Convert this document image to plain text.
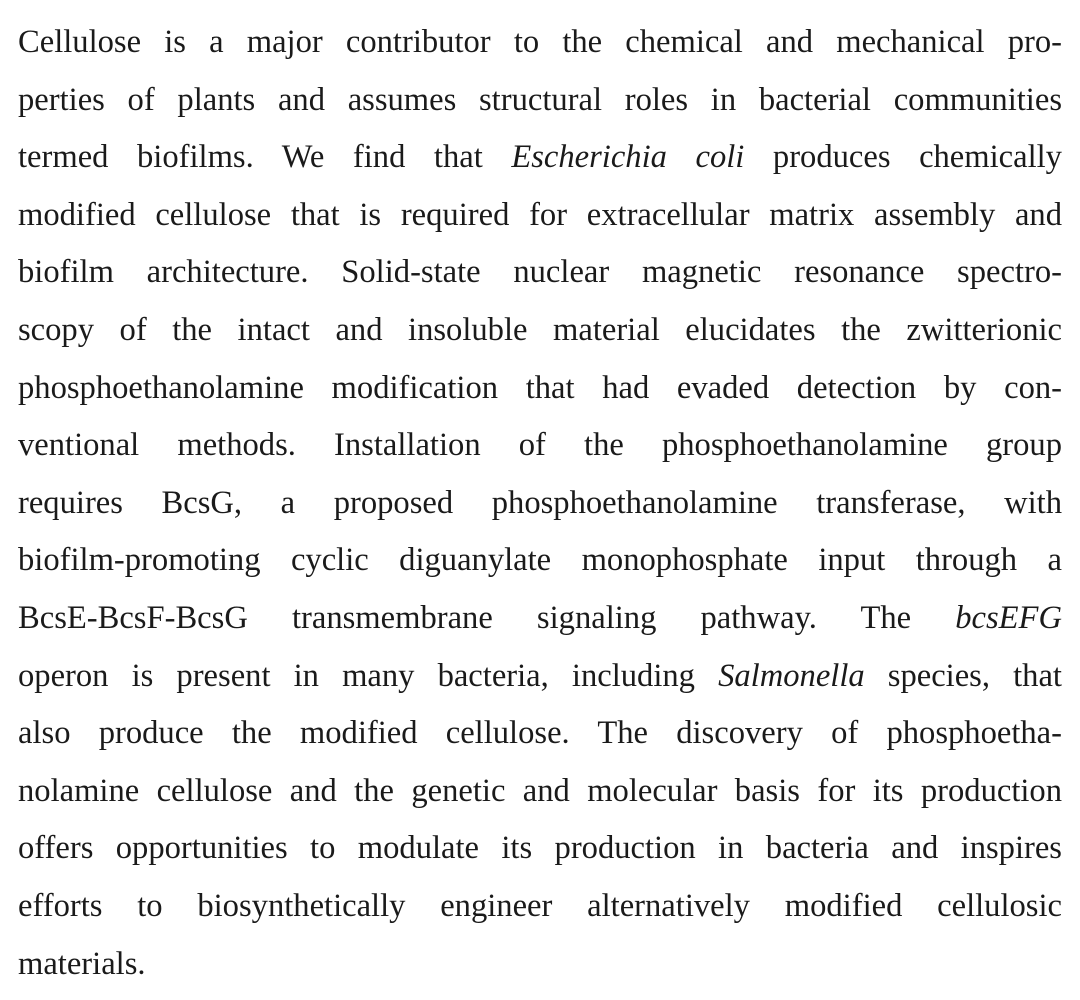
Cellulose is a major contributor to the chemical and mechanical pro-
perties of plants and assumes structural roles in bacterial communities
termed biofilms. We find that Escherichia coli produces chemically
modified cellulose that is required for extracellular matrix assembly and
biofilm architecture. Solid-state nuclear magnetic resonance spectro-
scopy of the intact and insoluble material elucidates the zwitterionic
phosphoethanolamine modification that had evaded detection by con-
ventional methods. Installation of the phosphoethanolamine group
requires BcsG, a proposed phosphoethanolamine transferase, with
biofilm-promoting cyclic diguanylate monophosphate input through a
BcsE-BcsF-BcsG transmembrane signaling pathway. The bcsEFG
operon is present in many bacteria, including Salmonella species, that
also produce the modified cellulose. The discovery of phosphoetha-
nolamine cellulose and the genetic and molecular basis for its production
offers opportunities to modulate its production in bacteria and inspires
efforts to biosynthetically engineer alternatively modified cellulosic
materials.
